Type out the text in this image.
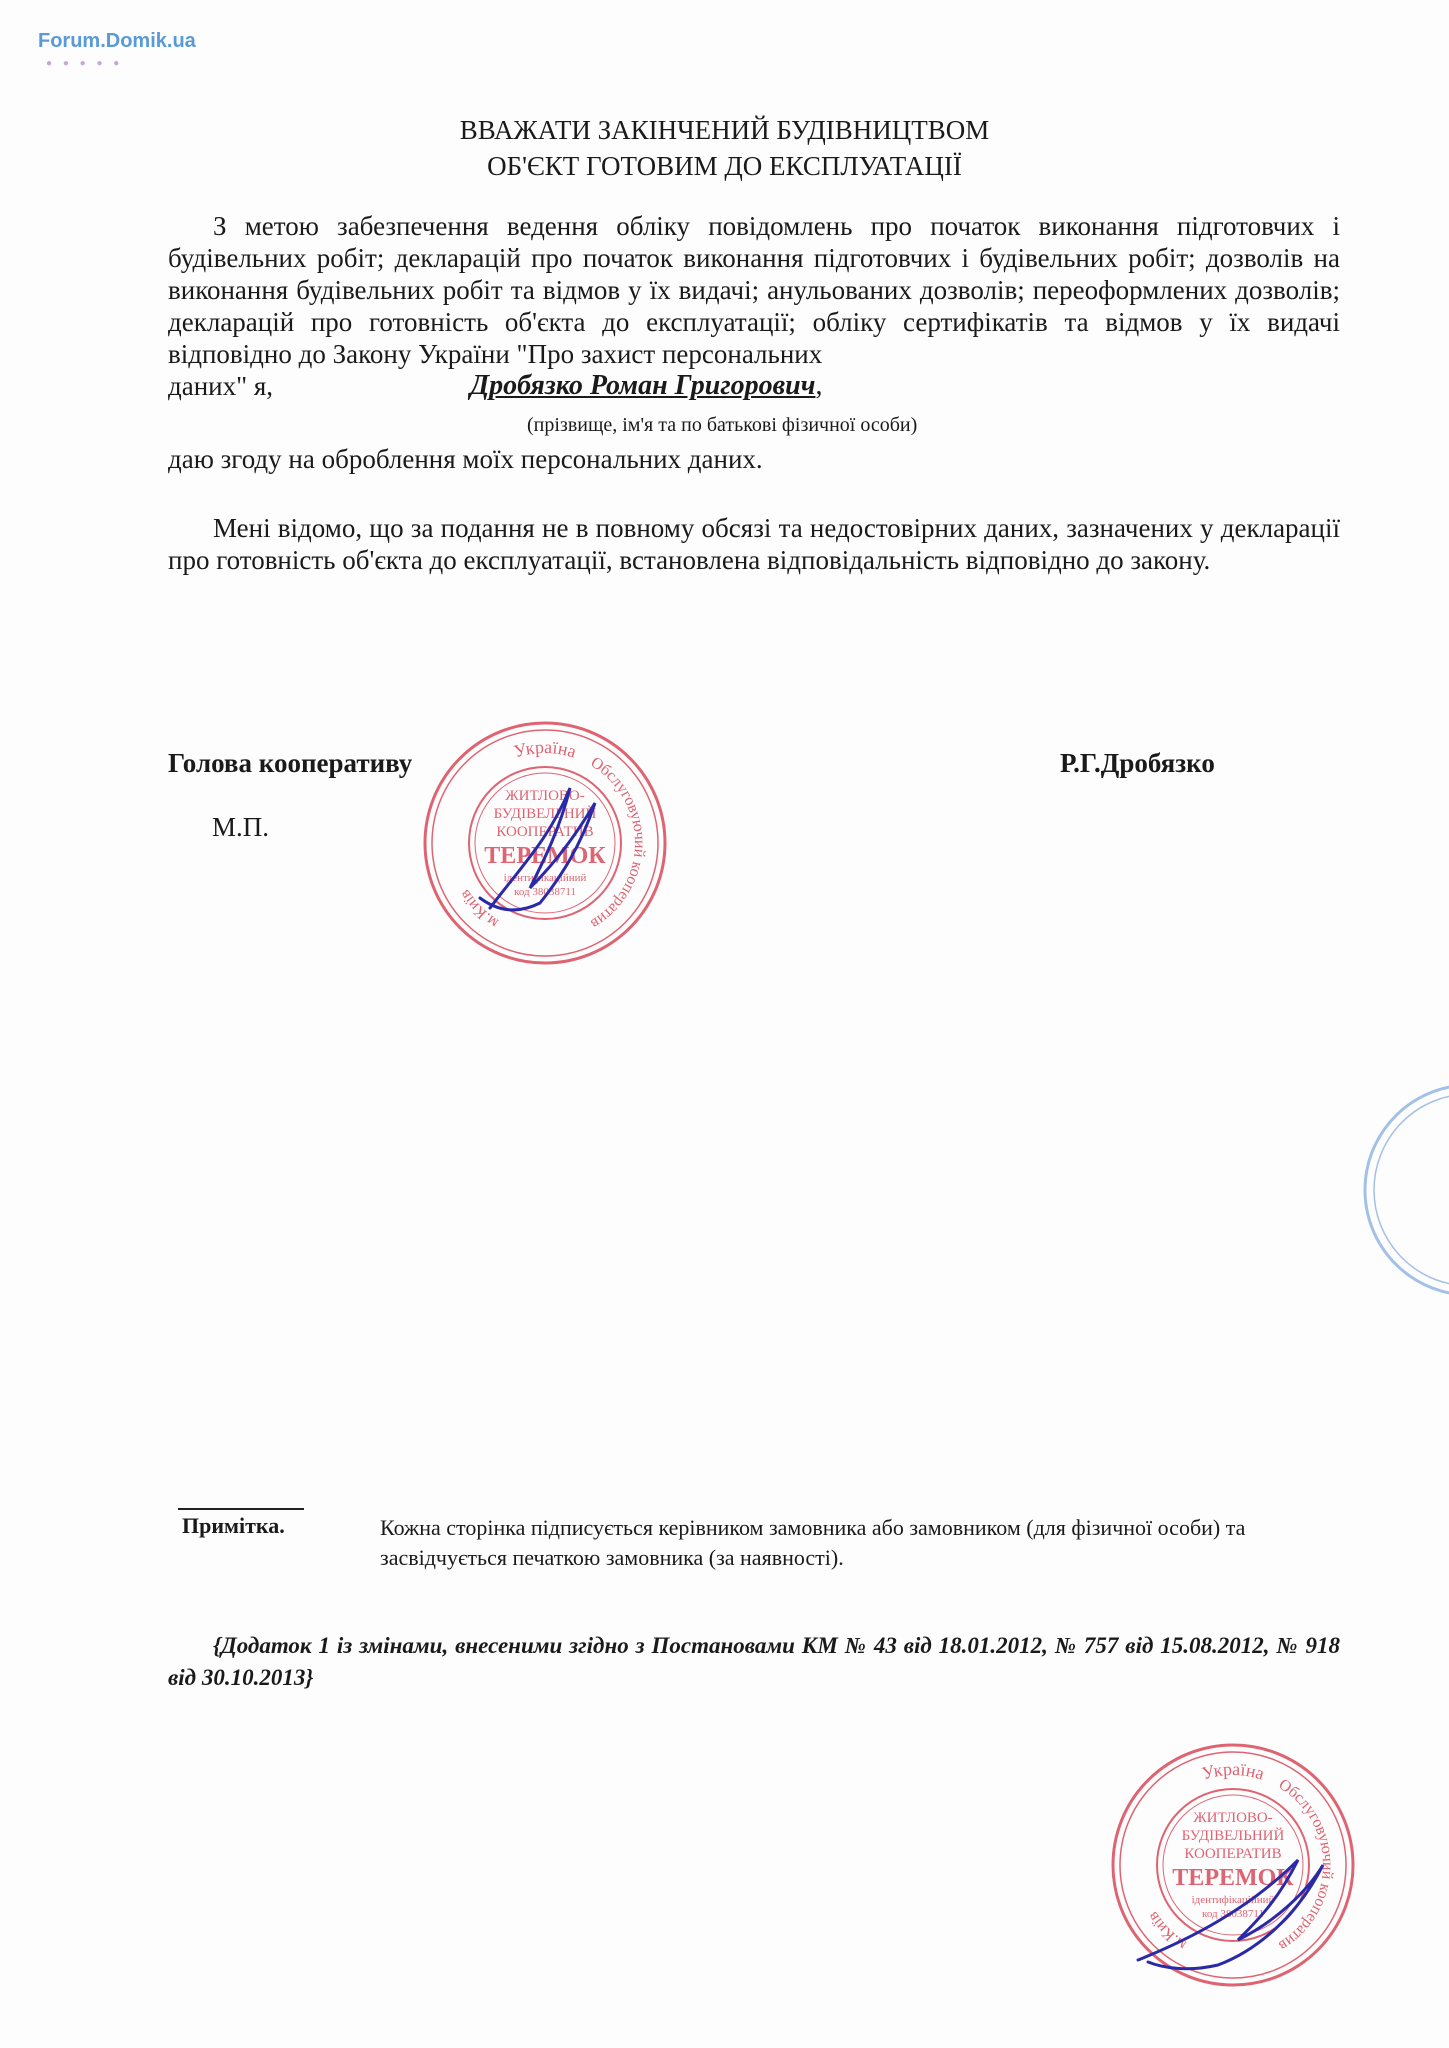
Forum.Domik.ua
● ● ● ● ●
ВВАЖАТИ ЗАКІНЧЕНИЙ БУДІВНИЦТВОМ
ОБ'ЄКТ ГОТОВИМ ДО ЕКСПЛУАТАЦІЇ
З метою забезпечення ведення обліку повідомлень про початок виконання підготовчих і будівельних робіт; декларацій про початок виконання підготовчих і будівельних робіт; дозволів на виконання будівельних робіт та відмов у їх видачі; анульованих дозволів; переоформлених дозволів; декларацій про готовність об'єкта до експлуатації; обліку сертифікатів та відмов у їх видачі відповідно до Закону України "Про захист персональних
даних" я,	Дробязко Роман Григорович,
(прізвище, ім'я та по батькові фізичної особи)
даю згоду на оброблення моїх персональних даних.
Мені відомо, що за подання не в повному обсязі та недостовірних даних, зазначених у декларації про готовність об'єкта до експлуатації, встановлена відповідальність відповідно до закону.
Голова кооперативу	Р.Г.Дробязко
М.П.
Україна
Обслуговуючий кооператив
м.Київ
ЖИТЛОВО-
БУДІВЕЛЬНИЙ
КООПЕРАТИВ
ТЕРЕМОК
ідентифікаційний
код 38038711
Україна
Обслуговуючий кооператив
м.Київ
ЖИТЛОВО-
БУДІВЕЛЬНИЙ
КООПЕРАТИВ
ТЕРЕМОК
ідентифікаційний
код 38038711
Примітка.	Кожна сторінка підписується керівником замовника або замовником (для фізичної особи) та засвідчується печаткою замовника (за наявності).
{Додаток 1 із змінами, внесеними згідно з Постановами КМ № 43 від 18.01.2012, № 757 від 15.08.2012, № 918 від 30.10.2013}
